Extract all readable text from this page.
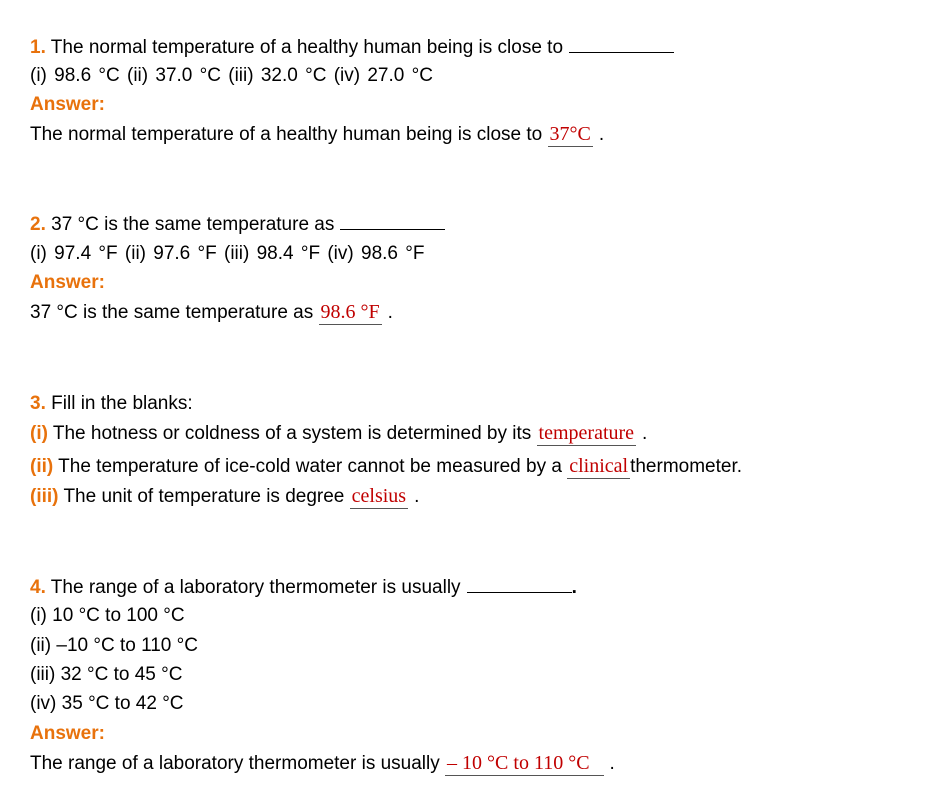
1. The normal temperature of a healthy human being is close to
(i) 98.6 °C (ii) 37.0 °C (iii) 32.0 °C (iv) 27.0 °C
Answer:
The normal temperature of a healthy human being is close to 37°C .
2. 37 °C is the same temperature as
(i) 97.4 °F (ii) 97.6 °F (iii) 98.4 °F (iv) 98.6 °F
Answer:
37 °C is the same temperature as 98.6 °F .
3. Fill in the blanks:
(i) The hotness or coldness of a system is determined by its temperature .
(ii) The temperature of ice-cold water cannot be measured by a clinical thermometer.
(iii) The unit of temperature is degree celsius .
4. The range of a laboratory thermometer is usually	.
(i) 10 °C to 100 °C
(ii) –10 °C to 110 °C
(iii) 32 °C to 45 °C
(iv) 35 °C to 42 °C
Answer:
The range of a laboratory thermometer is usually – 10 °C to 110 °C .
